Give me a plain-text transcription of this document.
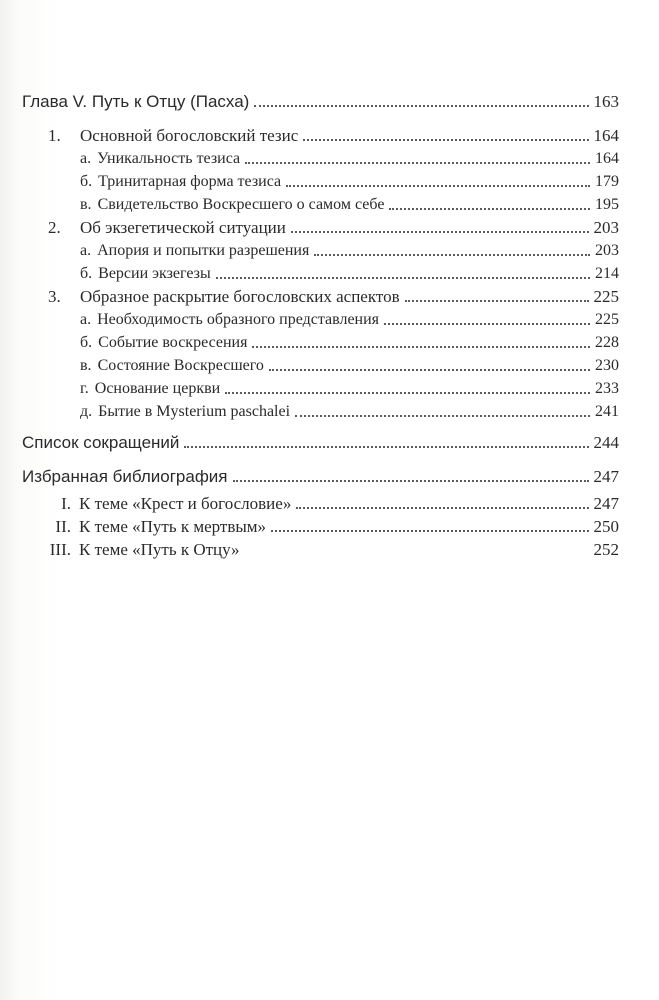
Глава V. Путь к Отцу (Пасха)	163
1. Основной богословский тезис	164
а. Уникальность тезиса	164
б. Тринитарная форма тезиса	179
в. Свидетельство Воскресшего о самом себе	195
2. Об экзегетической ситуации	203
а. Апория и попытки разрешения	203
б. Версии экзегезы	214
3. Образное раскрытие богословских аспектов	225
а. Необходимость образного представления	225
б. Событие воскресения	228
в. Состояние Воскресшего	230
г. Основание церкви	233
д. Бытие в Mysterium paschalei	241
Список сокращений	244
Избранная библиография	247
I. К теме «Крест и богословие»	247
II. К теме «Путь к мертвым»	250
III. К теме «Путь к Отцу»	252
